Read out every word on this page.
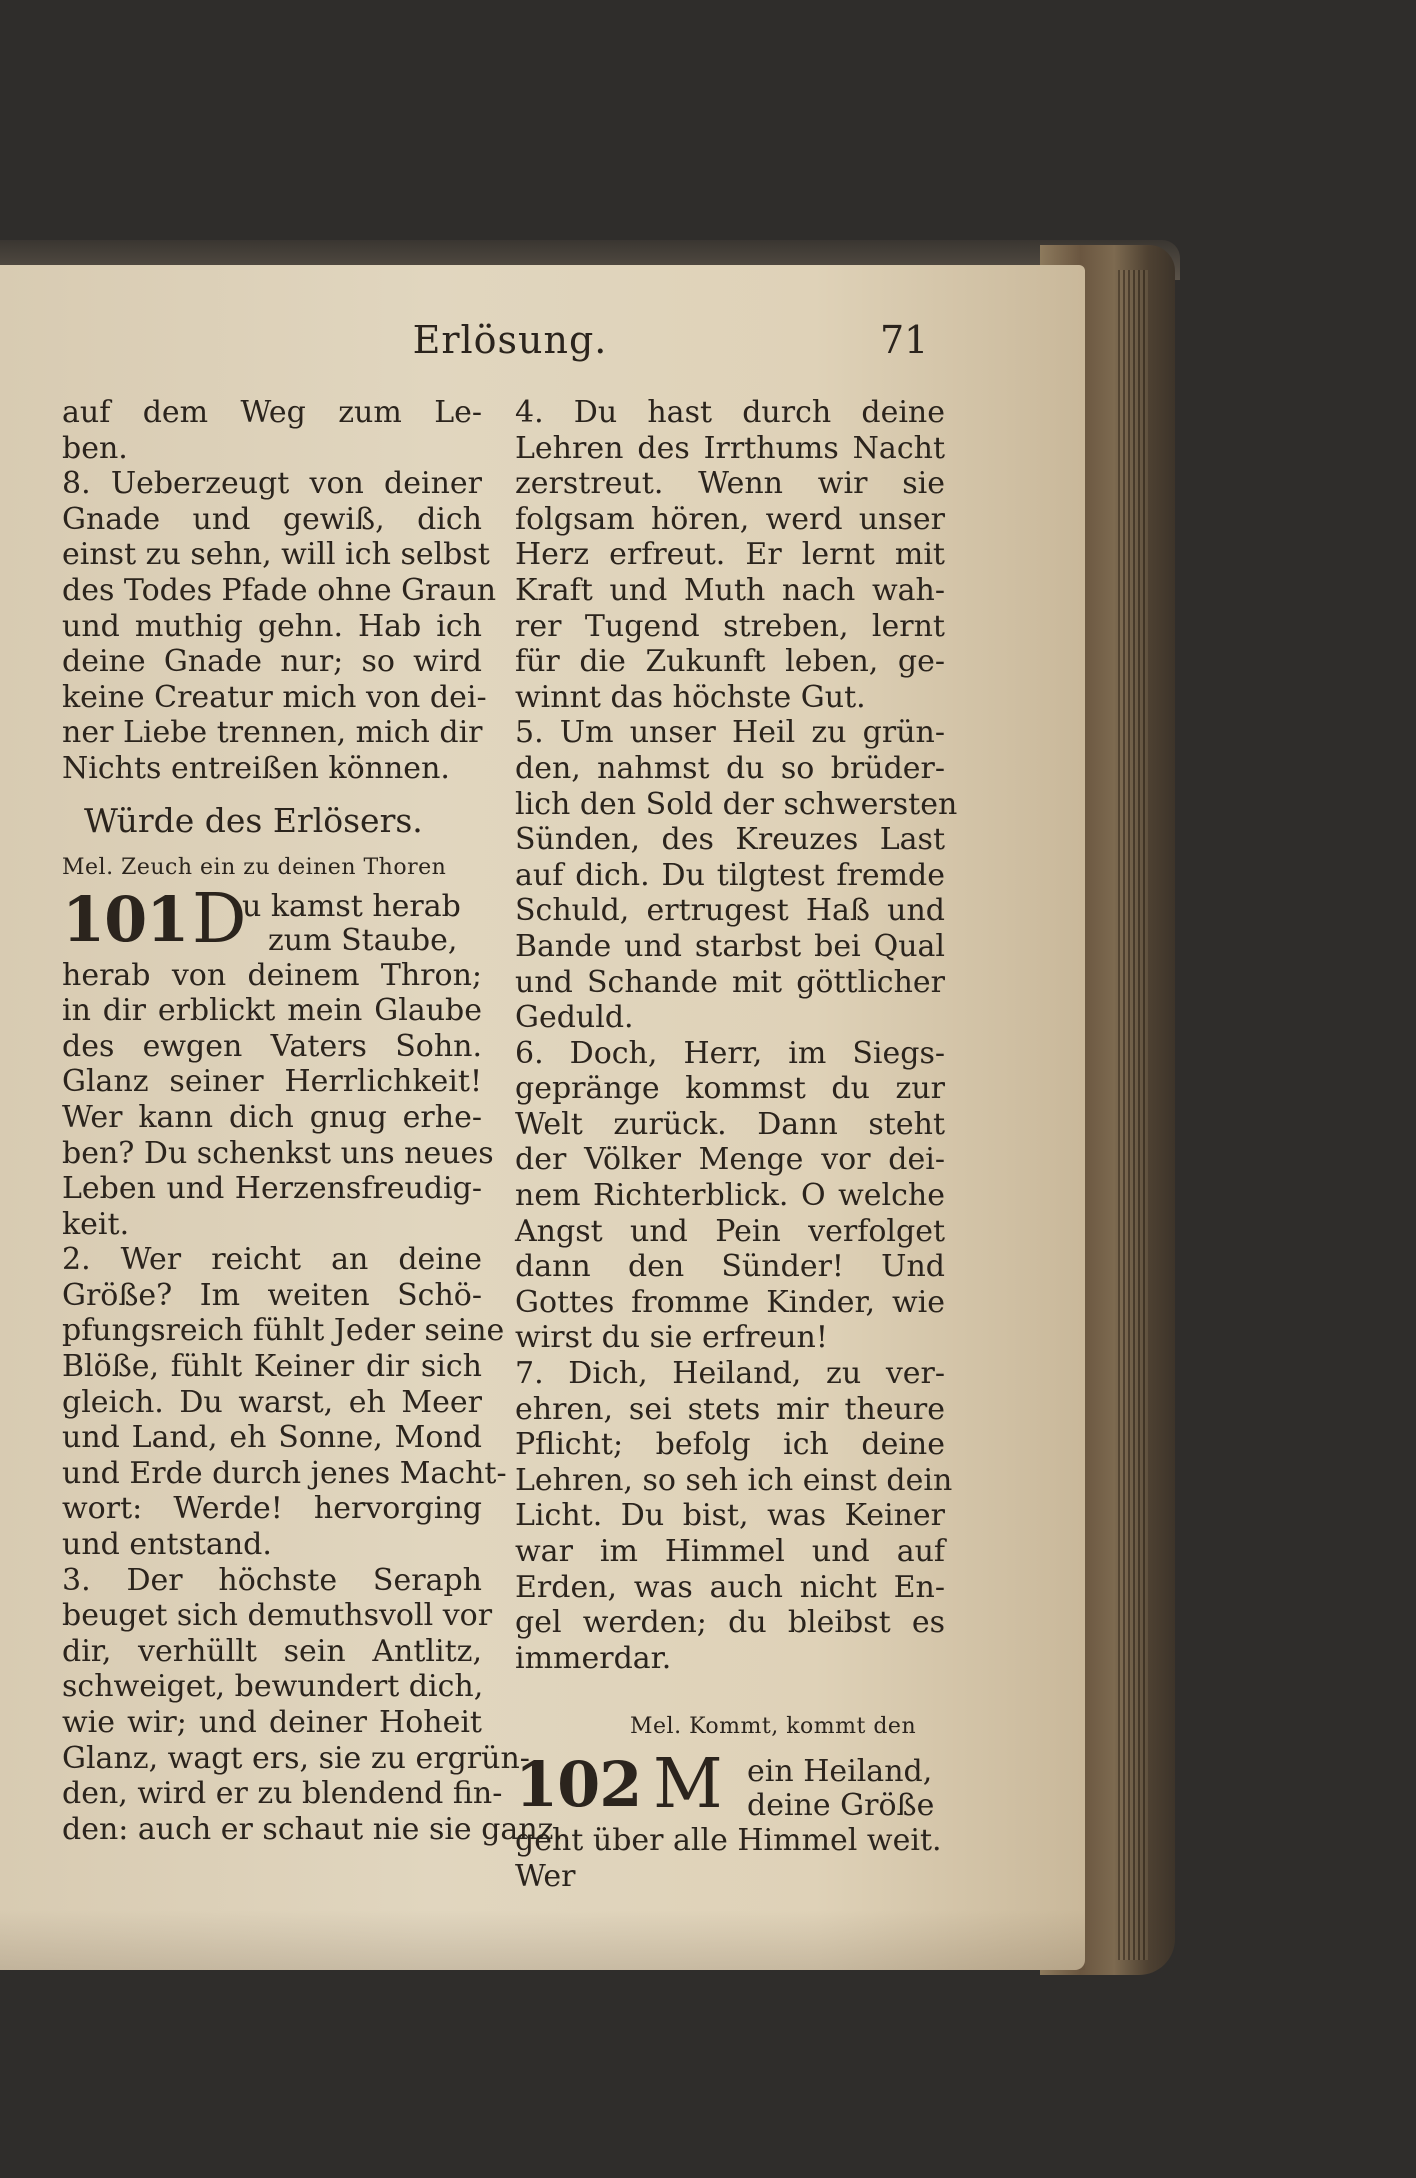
Erlösung.	71
auf dem Weg zum Le-
ben.
8. Ueberzeugt von deiner
Gnade und gewiß, dich
einst zu sehn, will ich selbst
des Todes Pfade ohne Graun
und muthig gehn. Hab ich
deine Gnade nur; so wird
keine Creatur mich von dei-
ner Liebe trennen, mich dir
Nichts entreißen können.
Würde des Erlösers.
Mel. Zeuch ein zu deinen Thoren
101 D
u kamst herab
zum Staube,
herab von deinem Thron;
in dir erblickt mein Glaube
des ewgen Vaters Sohn.
Glanz seiner Herrlichkeit!
Wer kann dich gnug erhe-
ben? Du schenkst uns neues
Leben und Herzensfreudig-
keit.
2. Wer reicht an deine
Größe? Im weiten Schö-
pfungsreich fühlt Jeder seine
Blöße, fühlt Keiner dir sich
gleich. Du warst, eh Meer
und Land, eh Sonne, Mond
und Erde durch jenes Macht-
wort: Werde! hervorging
und entstand.
3. Der höchste Seraph
beuget sich demuthsvoll vor
dir, verhüllt sein Antlitz,
schweiget, bewundert dich,
wie wir; und deiner Hoheit
Glanz, wagt ers, sie zu ergrün-
den, wird er zu blendend fin-
den: auch er schaut nie sie ganz.
4. Du hast durch deine
Lehren des Irrthums Nacht
zerstreut. Wenn wir sie
folgsam hören, werd unser
Herz erfreut. Er lernt mit
Kraft und Muth nach wah-
rer Tugend streben, lernt
für die Zukunft leben, ge-
winnt das höchste Gut.
5. Um unser Heil zu grün-
den, nahmst du so brüder-
lich den Sold der schwersten
Sünden, des Kreuzes Last
auf dich. Du tilgtest fremde
Schuld, ertrugest Haß und
Bande und starbst bei Qual
und Schande mit göttlicher
Geduld.
6. Doch, Herr, im Siegs-
gepränge kommst du zur
Welt zurück. Dann steht
der Völker Menge vor dei-
nem Richterblick. O welche
Angst und Pein verfolget
dann den Sünder! Und
Gottes fromme Kinder, wie
wirst du sie erfreun!
7. Dich, Heiland, zu ver-
ehren, sei stets mir theure
Pflicht; befolg ich deine
Lehren, so seh ich einst dein
Licht. Du bist, was Keiner
war im Himmel und auf
Erden, was auch nicht En-
gel werden; du bleibst es
immerdar.
Mel. Kommt, kommt den
102 M ein Heiland,
deine Größe
geht über alle Himmel weit.
Wer
